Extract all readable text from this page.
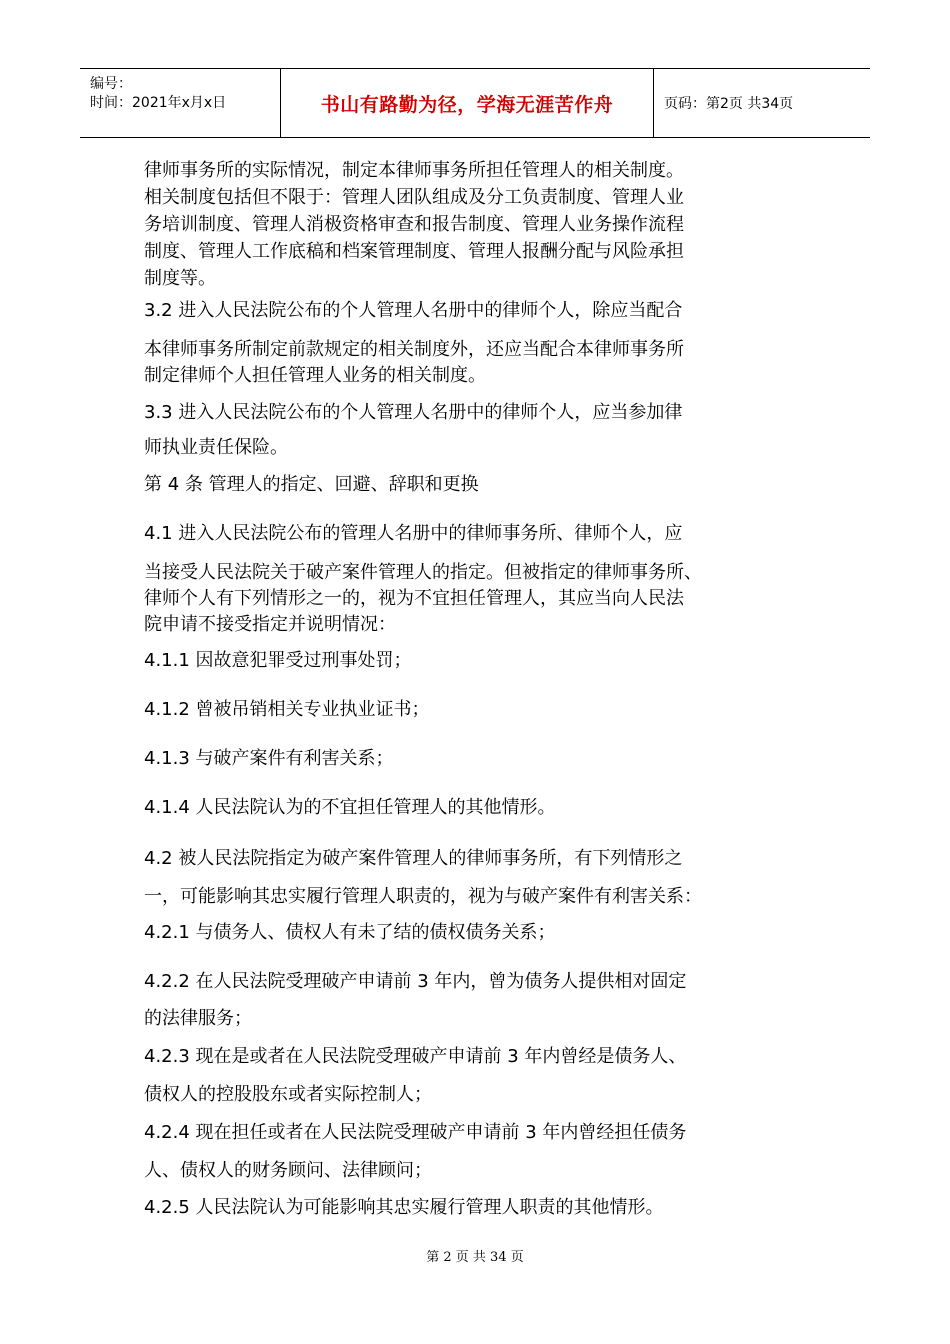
编号：
时间：2021年x月x日	书山有路勤为径，学海无涯苦作舟	页码：第2页 共34页
律师事务所的实际情况，制定本律师事务所担任管理人的相关制度。
相关制度包括但不限于：管理人团队组成及分工负责制度、管理人业
务培训制度、管理人消极资格审查和报告制度、管理人业务操作流程
制度、管理人工作底稿和档案管理制度、管理人报酬分配与风险承担
制度等。
3.2 进入人民法院公布的个人管理人名册中的律师个人，除应当配合
本律师事务所制定前款规定的相关制度外，还应当配合本律师事务所
制定律师个人担任管理人业务的相关制度。
3.3 进入人民法院公布的个人管理人名册中的律师个人，应当参加律
师执业责任保险。
第 4 条 管理人的指定、回避、辞职和更换
4.1 进入人民法院公布的管理人名册中的律师事务所、律师个人，应
当接受人民法院关于破产案件管理人的指定。但被指定的律师事务所、
律师个人有下列情形之一的，视为不宜担任管理人，其应当向人民法
院申请不接受指定并说明情况：
4.1.1 因故意犯罪受过刑事处罚；
4.1.2 曾被吊销相关专业执业证书；
4.1.3 与破产案件有利害关系；
4.1.4 人民法院认为的不宜担任管理人的其他情形。
4.2 被人民法院指定为破产案件管理人的律师事务所，有下列情形之
一，可能影响其忠实履行管理人职责的，视为与破产案件有利害关系：
4.2.1 与债务人、债权人有未了结的债权债务关系；
4.2.2 在人民法院受理破产申请前 3 年内，曾为债务人提供相对固定
的法律服务；
4.2.3 现在是或者在人民法院受理破产申请前 3 年内曾经是债务人、
债权人的控股股东或者实际控制人；
4.2.4 现在担任或者在人民法院受理破产申请前 3 年内曾经担任债务
人、债权人的财务顾问、法律顾问；
4.2.5 人民法院认为可能影响其忠实履行管理人职责的其他情形。
第 2 页 共 34 页
